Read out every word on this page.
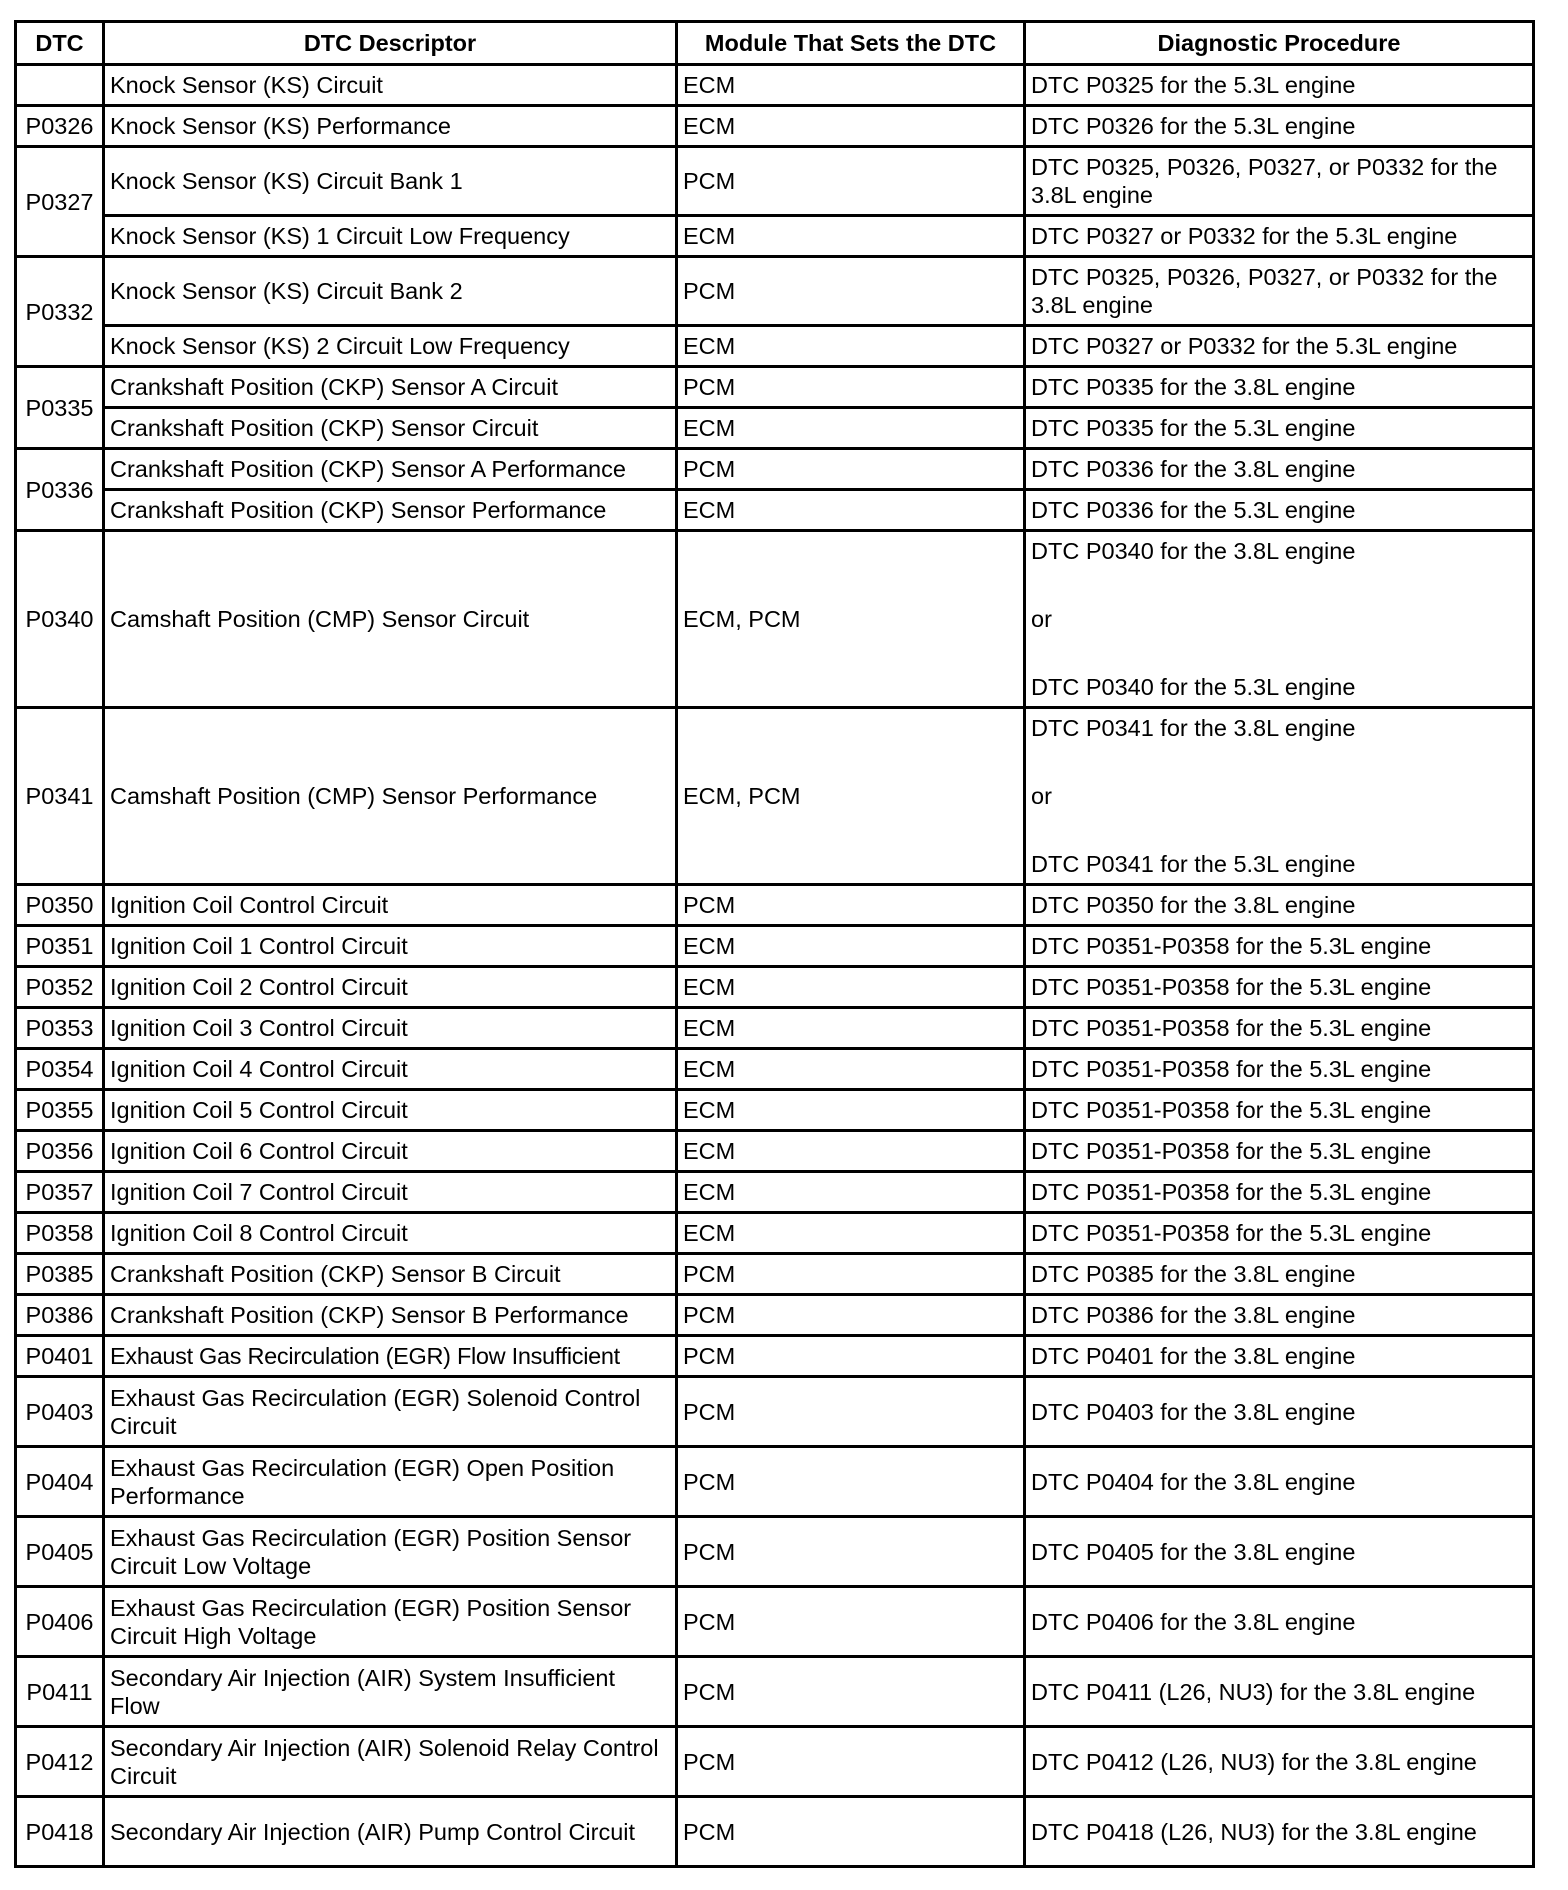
DTC	DTC Descriptor	Module That Sets the DTC	Diagnostic Procedure
	Knock Sensor (KS) Circuit	ECM	DTC P0325 for the 5.3L engine
P0326	Knock Sensor (KS) Performance	ECM	DTC P0326 for the 5.3L engine
P0327	Knock Sensor (KS) Circuit Bank 1	PCM	DTC P0325, P0326, P0327, or P0332 for the 3.8L engine
	Knock Sensor (KS) 1 Circuit Low Frequency	ECM	DTC P0327 or P0332 for the 5.3L engine
P0332	Knock Sensor (KS) Circuit Bank 2	PCM	DTC P0325, P0326, P0327, or P0332 for the 3.8L engine
	Knock Sensor (KS) 2 Circuit Low Frequency	ECM	DTC P0327 or P0332 for the 5.3L engine
P0335	Crankshaft Position (CKP) Sensor A Circuit	PCM	DTC P0335 for the 3.8L engine
	Crankshaft Position (CKP) Sensor Circuit	ECM	DTC P0335 for the 5.3L engine
P0336	Crankshaft Position (CKP) Sensor A Performance	PCM	DTC P0336 for the 3.8L engine
	Crankshaft Position (CKP) Sensor Performance	ECM	DTC P0336 for the 5.3L engine
P0340	Camshaft Position (CMP) Sensor Circuit	ECM, PCM	DTC P0340 for the 3.8L engine
or
DTC P0340 for the 5.3L engine

P0341	Camshaft Position (CMP) Sensor Performance	ECM, PCM	DTC P0341 for the 3.8L engine
or
DTC P0341 for the 5.3L engine

P0350	Ignition Coil Control Circuit	PCM	DTC P0350 for the 3.8L engine
P0351	Ignition Coil 1 Control Circuit	ECM	DTC P0351-P0358 for the 5.3L engine
P0352	Ignition Coil 2 Control Circuit	ECM	DTC P0351-P0358 for the 5.3L engine
P0353	Ignition Coil 3 Control Circuit	ECM	DTC P0351-P0358 for the 5.3L engine
P0354	Ignition Coil 4 Control Circuit	ECM	DTC P0351-P0358 for the 5.3L engine
P0355	Ignition Coil 5 Control Circuit	ECM	DTC P0351-P0358 for the 5.3L engine
P0356	Ignition Coil 6 Control Circuit	ECM	DTC P0351-P0358 for the 5.3L engine
P0357	Ignition Coil 7 Control Circuit	ECM	DTC P0351-P0358 for the 5.3L engine
P0358	Ignition Coil 8 Control Circuit	ECM	DTC P0351-P0358 for the 5.3L engine
P0385	Crankshaft Position (CKP) Sensor B Circuit	PCM	DTC P0385 for the 3.8L engine
P0386	Crankshaft Position (CKP) Sensor B Performance	PCM	DTC P0386 for the 3.8L engine
P0401	Exhaust Gas Recirculation (EGR) Flow Insufficient	PCM	DTC P0401 for the 3.8L engine
P0403	Exhaust Gas Recirculation (EGR) Solenoid Control Circuit	PCM	DTC P0403 for the 3.8L engine
P0404	Exhaust Gas Recirculation (EGR) Open Position Performance	PCM	DTC P0404 for the 3.8L engine
P0405	Exhaust Gas Recirculation (EGR) Position Sensor Circuit Low Voltage	PCM	DTC P0405 for the 3.8L engine
P0406	Exhaust Gas Recirculation (EGR) Position Sensor Circuit High Voltage	PCM	DTC P0406 for the 3.8L engine
P0411	Secondary Air Injection (AIR) System Insufficient Flow	PCM	DTC P0411 (L26, NU3) for the 3.8L engine
P0412	Secondary Air Injection (AIR) Solenoid Relay Control Circuit	PCM	DTC P0412 (L26, NU3) for the 3.8L engine
P0418	Secondary Air Injection (AIR) Pump Control Circuit	PCM	DTC P0418 (L26, NU3) for the 3.8L engine
